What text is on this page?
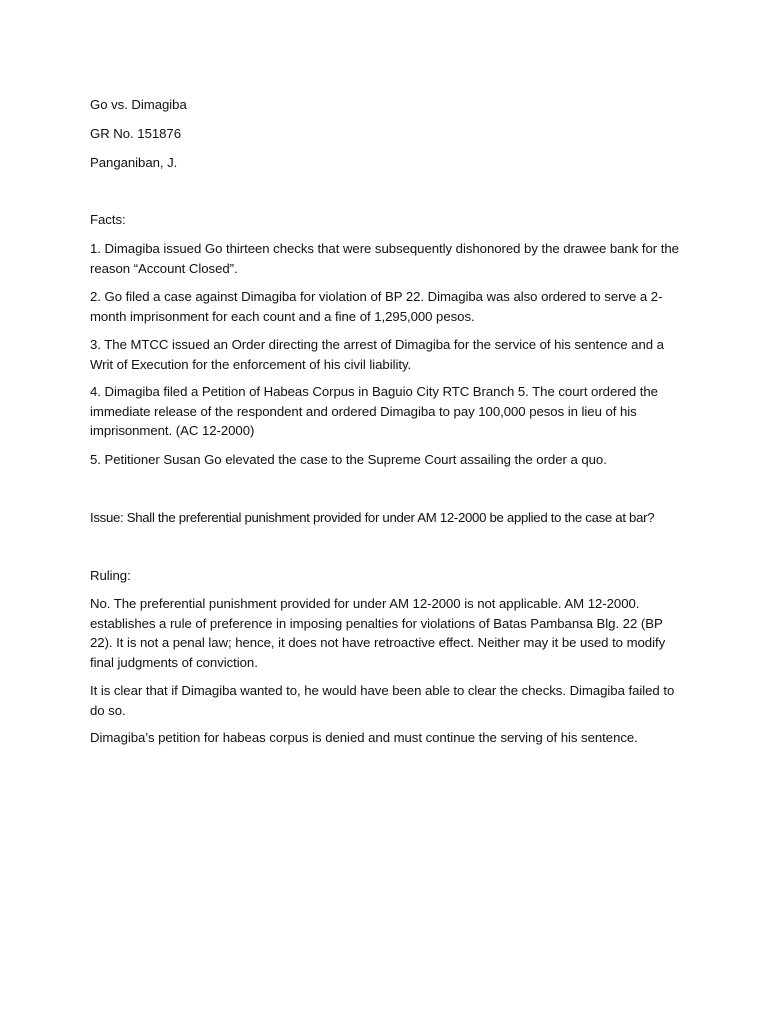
Go vs. Dimagiba

GR No. 151876

Panganiban, J.

Facts:

1. Dimagiba issued Go thirteen checks that were subsequently dishonored by the drawee bank for the reason “Account Closed”.

2. Go filed a case against Dimagiba for violation of BP 22. Dimagiba was also ordered to serve a 2-month imprisonment for each count and a fine of 1,295,000 pesos.

3. The MTCC issued an Order directing the arrest of Dimagiba for the service of his sentence and a Writ of Execution for the enforcement of his civil liability.

4. Dimagiba filed a Petition of Habeas Corpus in Baguio City RTC Branch 5. The court ordered the immediate release of the respondent and ordered Dimagiba to pay 100,000 pesos in lieu of his imprisonment. (AC 12-2000)

5. Petitioner Susan Go elevated the case to the Supreme Court assailing the order a quo.

Issue: Shall the preferential punishment provided for under AM 12-2000 be applied to the case at bar?

Ruling:

No. The preferential punishment provided for under AM 12-2000 is not applicable. AM 12-2000. establishes a rule of preference in imposing penalties for violations of Batas Pambansa Blg. 22 (BP 22). It is not a penal law; hence, it does not have retroactive effect. Neither may it be used to modify final judgments of conviction.

It is clear that if Dimagiba wanted to, he would have been able to clear the checks. Dimagiba failed to do so.

Dimagiba’s petition for habeas corpus is denied and must continue the serving of his sentence.
